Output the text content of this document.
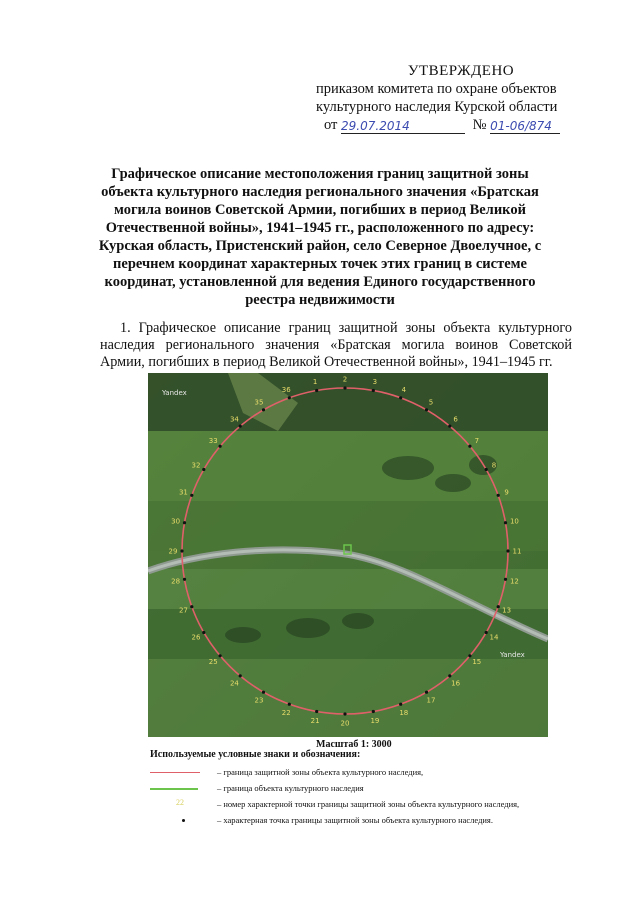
УТВЕРЖДЕНО
приказом комитета по охране объектов
культурного наследия Курской области
от 29.07.2014	№ 01-06/874
Графическое описание местоположения границ защитной зоны объекта культурного наследия регионального значения «Братская могила воинов Советской Армии, погибших в период Великой Отечественной войны», 1941–1945 гг., расположенного по адресу: Курская область, Пристенский район, село Северное Двоелучное, с перечнем координат характерных точек этих границ в системе координат, установленной для ведения Единого государственного реестра недвижимости
1. Графическое описание границ защитной зоны объекта культурного наследия регионального значения «Братская могила воинов Советской Армии, погибших в период Великой Отечественной войны», 1941–1945 гг.
Yandex
Yandex
1	2	3
4
5
6
7
8
9
10
11
12
13
14
15
16
17
18
19
20
21
22
23
24
25
26
27
28
29
30
31
32
33
34
35
36
Масштаб 1: 3000
Используемые условные знаки и обозначения:
– граница защитной зоны объекта культурного наследия,
– граница объекта культурного наследия
22	– номер характерной точки границы защитной зоны объекта культурного наследия,
– характерная точка границы защитной зоны объекта культурного наследия.
